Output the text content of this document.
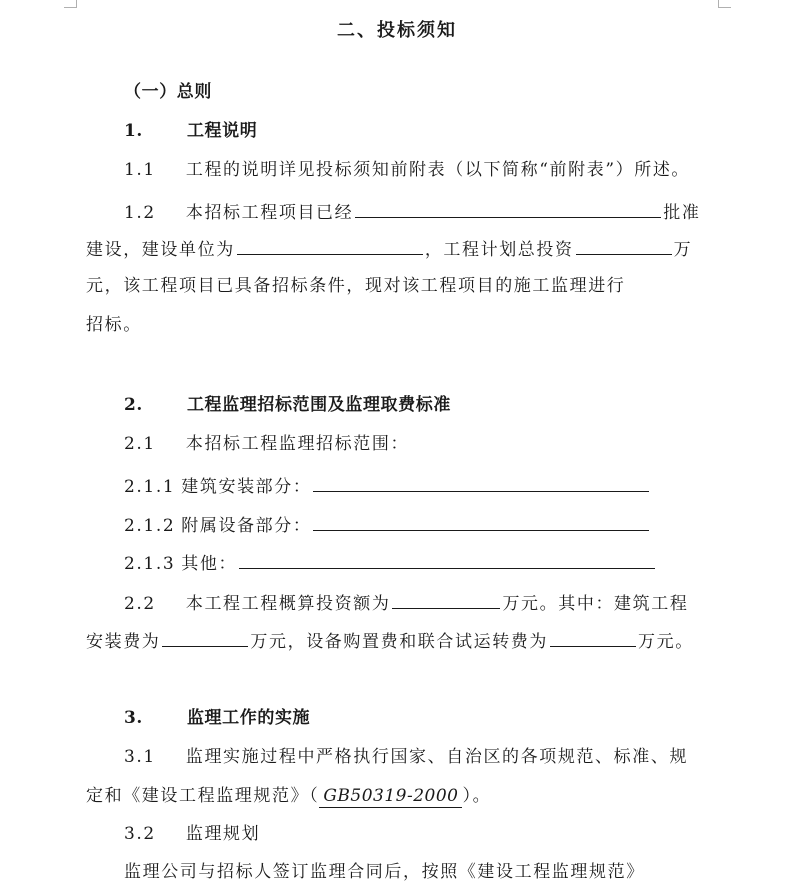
二、投标须知
（一）总则
1.	工程说明
1.1 工程的说明详见投标须知前附表（以下简称“前附表”）所述。
1.2 本招标工程项目已经	批准
建设，建设单位为	，工程计划总投资	万
元，该工程项目已具备招标条件，现对该工程项目的施工监理进行
招标。
2.	工程监理招标范围及监理取费标准
2.1 本招标工程监理招标范围：
2.1.1 建筑安装部分：
2.1.2 附属设备部分：
2.1.3 其他：
2.2 本工程工程概算投资额为	万元。其中：建筑工程
安装费为	万元，设备购置费和联合试运转费为	万元。
3.	监理工作的实施
3.1 监理实施过程中严格执行国家、自治区的各项规范、标准、规
定和《建设工程监理规范》（ GB50319-2000 ）。
3.2 监理规划
监理公司与招标人签订监理合同后，按照《建设工程监理规范》
